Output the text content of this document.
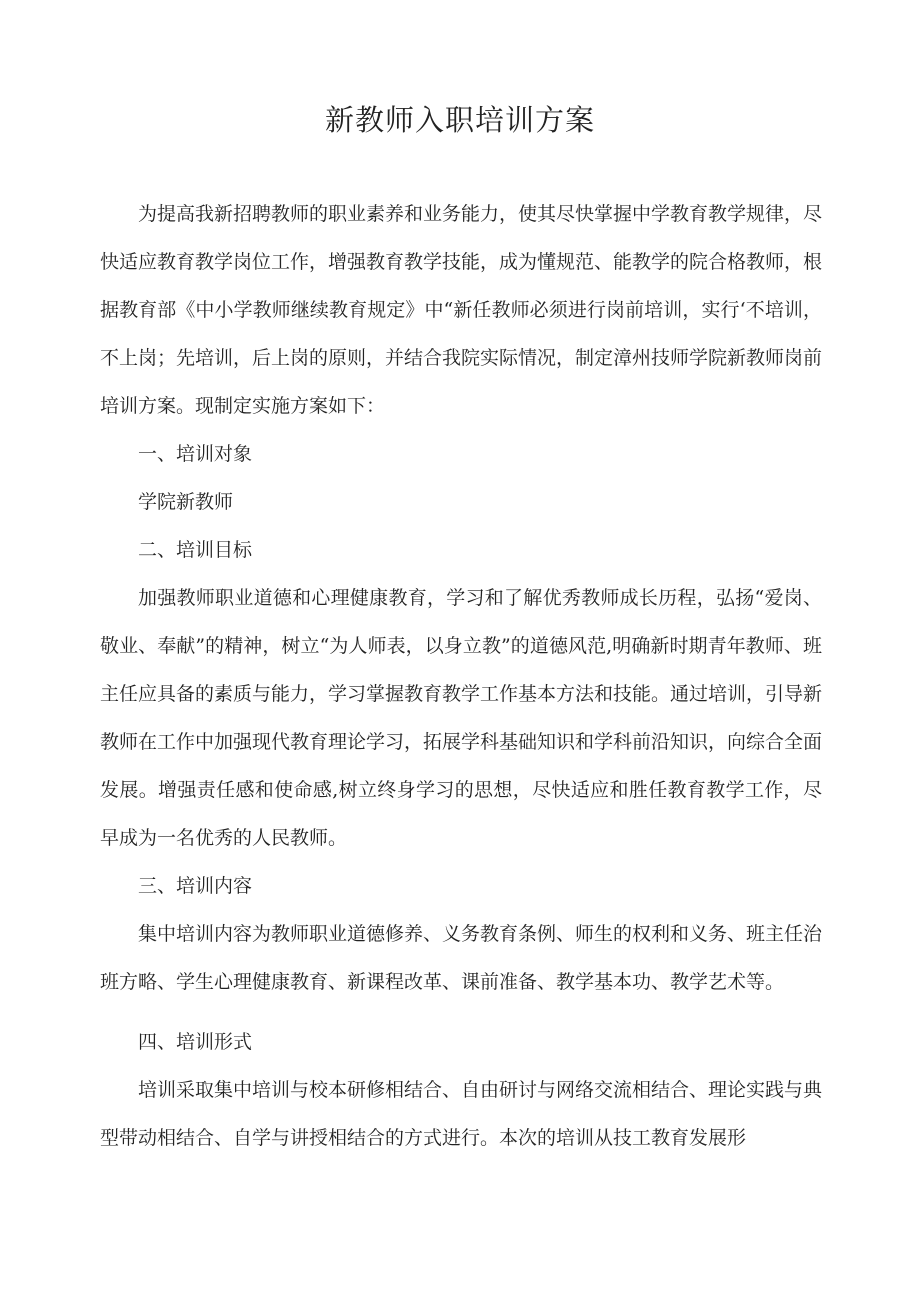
新教师入职培训方案

为提高我新招聘教师的职业素养和业务能力，使其尽快掌握中学教育教学规律，尽快适应教育教学岗位工作，增强教育教学技能，成为懂规范、能教学的院合格教师，根据教育部《中小学教师继续教育规定》中“新任教师必须进行岗前培训，实行‘不培训，不上岗；先培训，后上岗的原则，并结合我院实际情况，制定漳州技师学院新教师岗前培训方案。现制定实施方案如下：

一、培训对象

学院新教师

二、培训目标

加强教师职业道德和心理健康教育，学习和了解优秀教师成长历程，弘扬“爱岗、敬业、奉献”的精神，树立“为人师表，以身立教”的道德风范,明确新时期青年教师、班主任应具备的素质与能力，学习掌握教育教学工作基本方法和技能。通过培训，引导新教师在工作中加强现代教育理论学习，拓展学科基础知识和学科前沿知识，向综合全面发展。增强责任感和使命感,树立终身学习的思想，尽快适应和胜任教育教学工作，尽早成为一名优秀的人民教师。

三、培训内容

集中培训内容为教师职业道德修养、义务教育条例、师生的权利和义务、班主任治班方略、学生心理健康教育、新课程改革、课前准备、教学基本功、教学艺术等。

四、培训形式

培训采取集中培训与校本研修相结合、自由研讨与网络交流相结合、理论实践与典型带动相结合、自学与讲授相结合的方式进行。本次的培训从技工教育发展形
